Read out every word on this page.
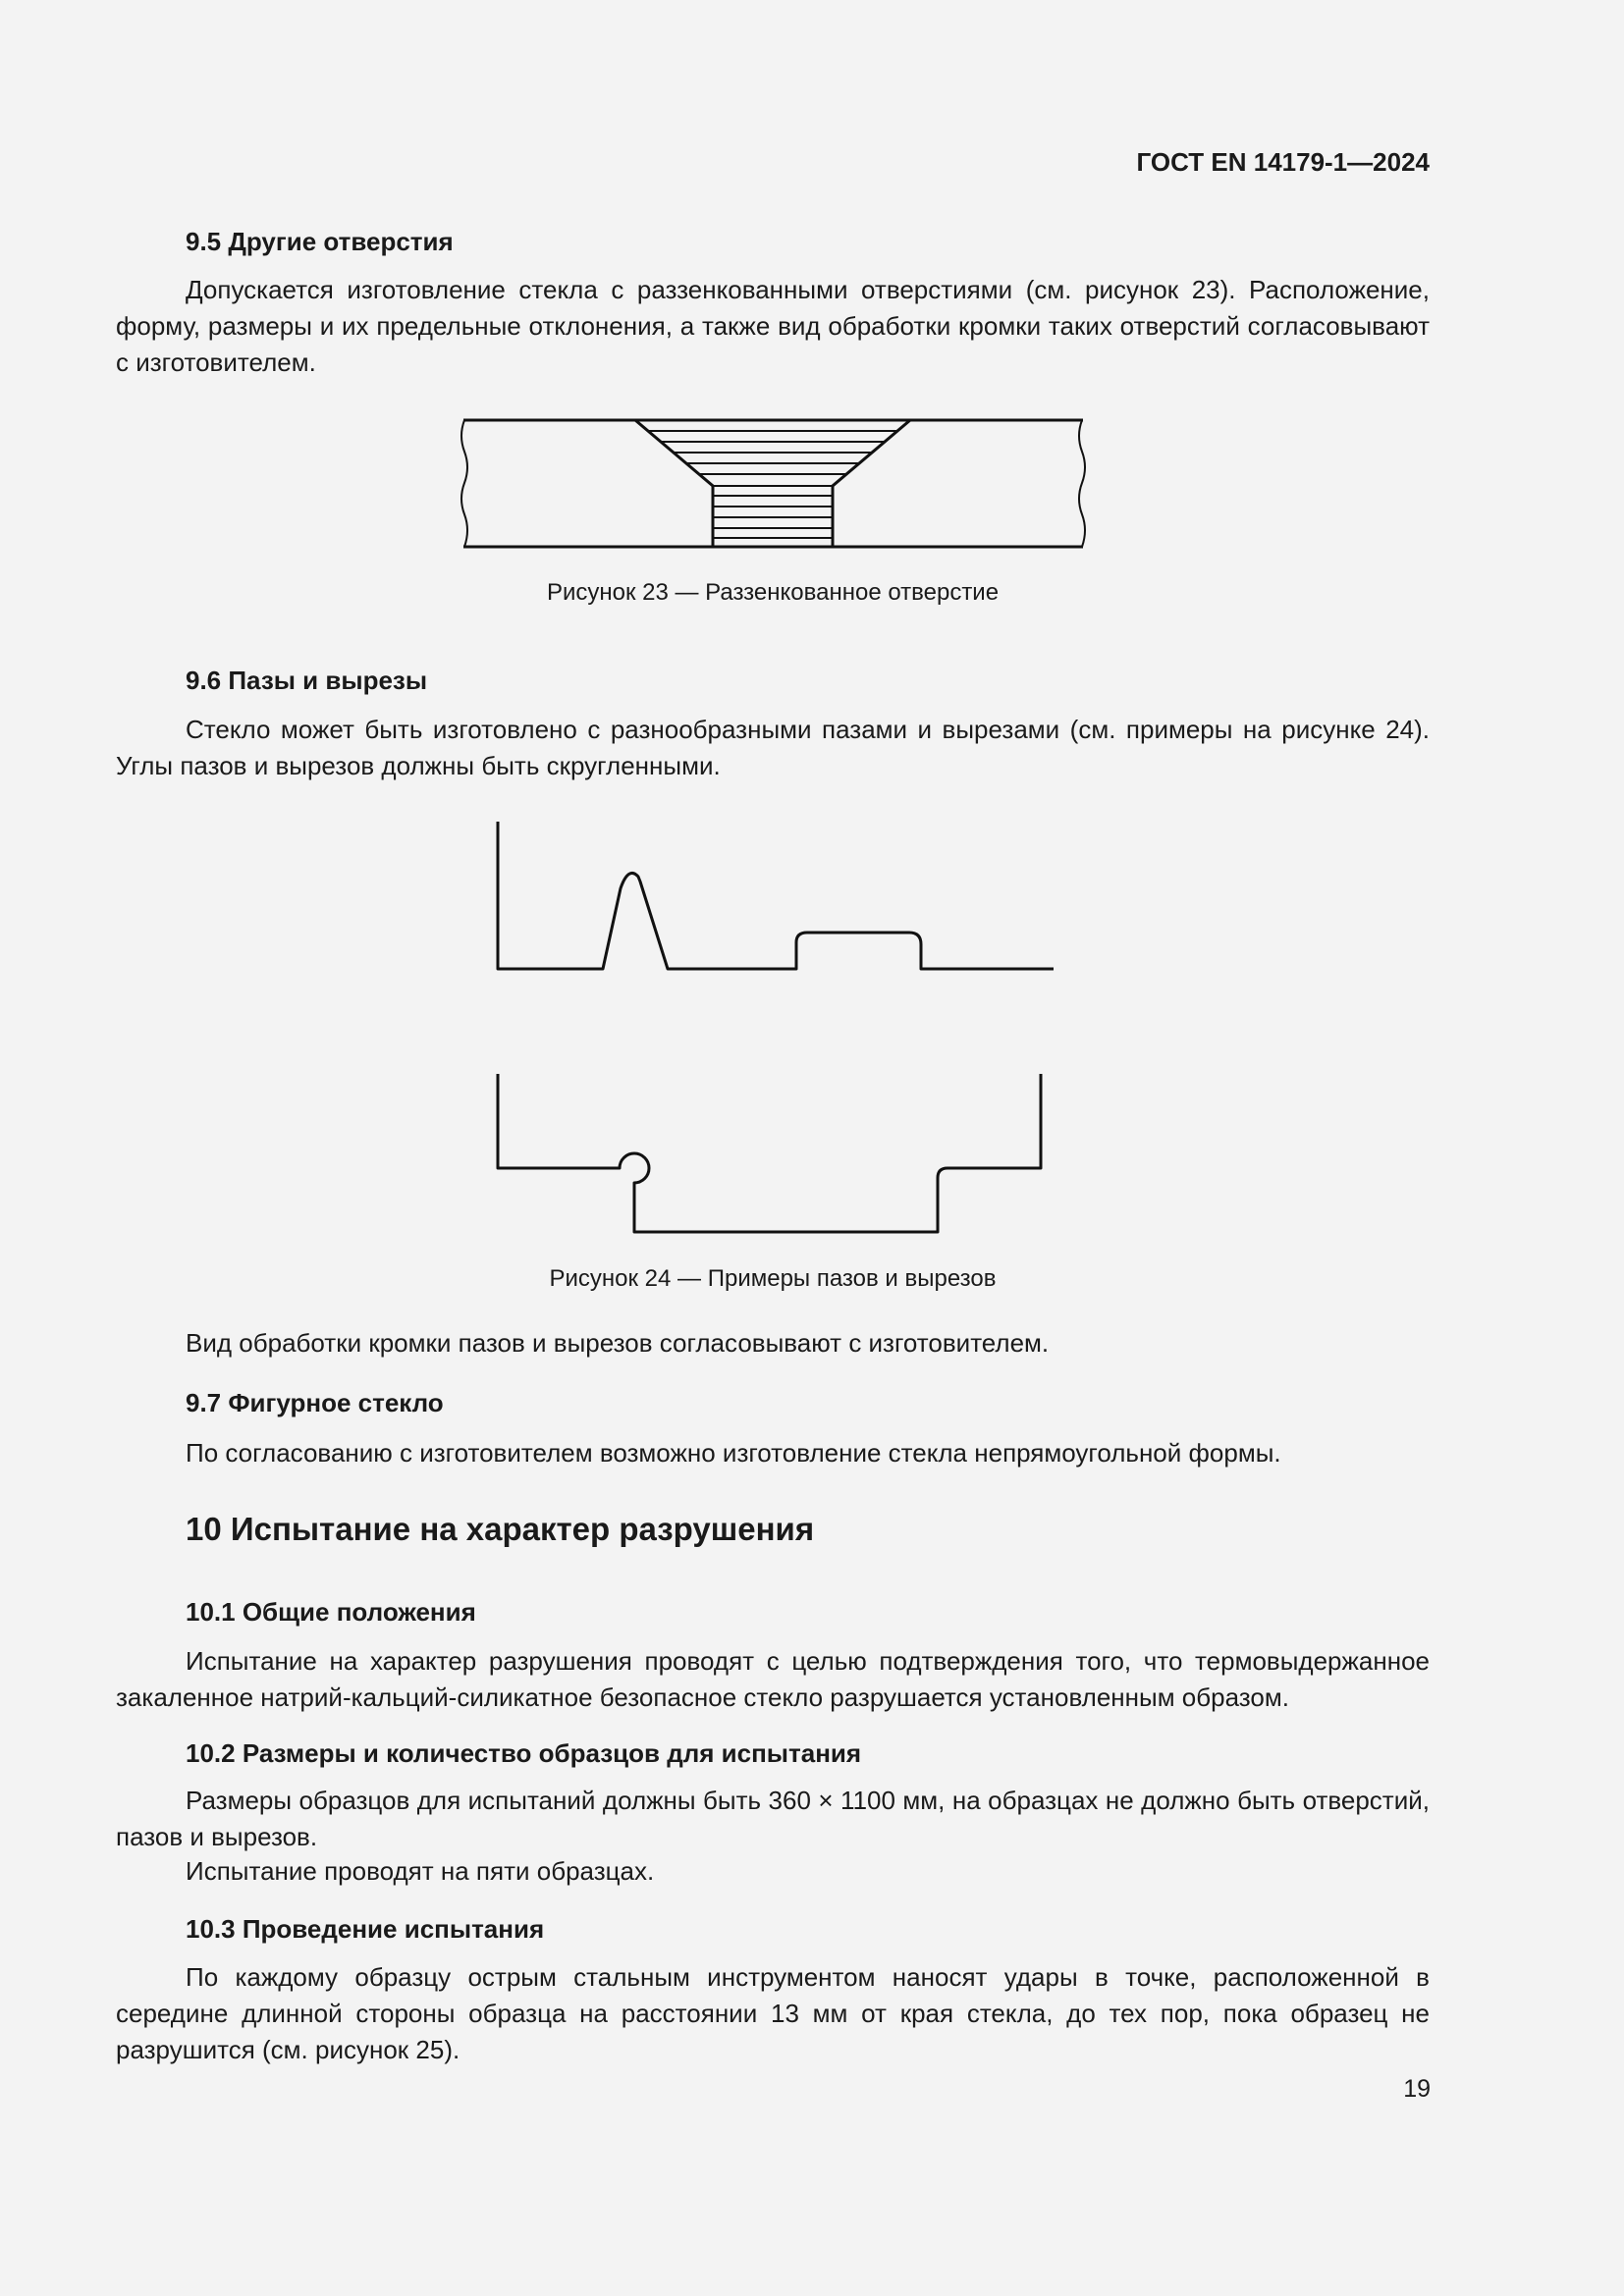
ГОСТ EN 14179-1—2024
9.5 Другие отверстия

Допускается изготовление стекла с раззенкованными отверстиями (см. рисунок 23). Расположение, форму, размеры и их предельные отклонения, а также вид обработки кромки таких отверстий согласовывают с изготовителем.

Рисунок 23 — Раззенкованное отверстие
9.6 Пазы и вырезы

Стекло может быть изготовлено с разнообразными пазами и вырезами (см. примеры на рисунке 24). Углы пазов и вырезов должны быть скругленными.

Рисунок 24 — Примеры пазов и вырезов
Вид обработки кромки пазов и вырезов согласовывают с изготовителем.
9.7 Фигурное стекло
По согласованию с изготовителем возможно изготовление стекла непрямоугольной формы.
10 Испытание на характер разрушения
10.1 Общие положения

Испытание на характер разрушения проводят с целью подтверждения того, что термовыдержанное закаленное натрий-кальций-силикатное безопасное стекло разрушается установленным образом.

10.2 Размеры и количество образцов для испытания

Размеры образцов для испытаний должны быть 360 × 1100 мм, на образцах не должно быть отверстий, пазов и вырезов.

Испытание проводят на пяти образцах.
10.3 Проведение испытания

По каждому образцу острым стальным инструментом наносят удары в точке, расположенной в середине длинной стороны образца на расстоянии 13 мм от края стекла, до тех пор, пока образец не разрушится (см. рисунок 25).

19
